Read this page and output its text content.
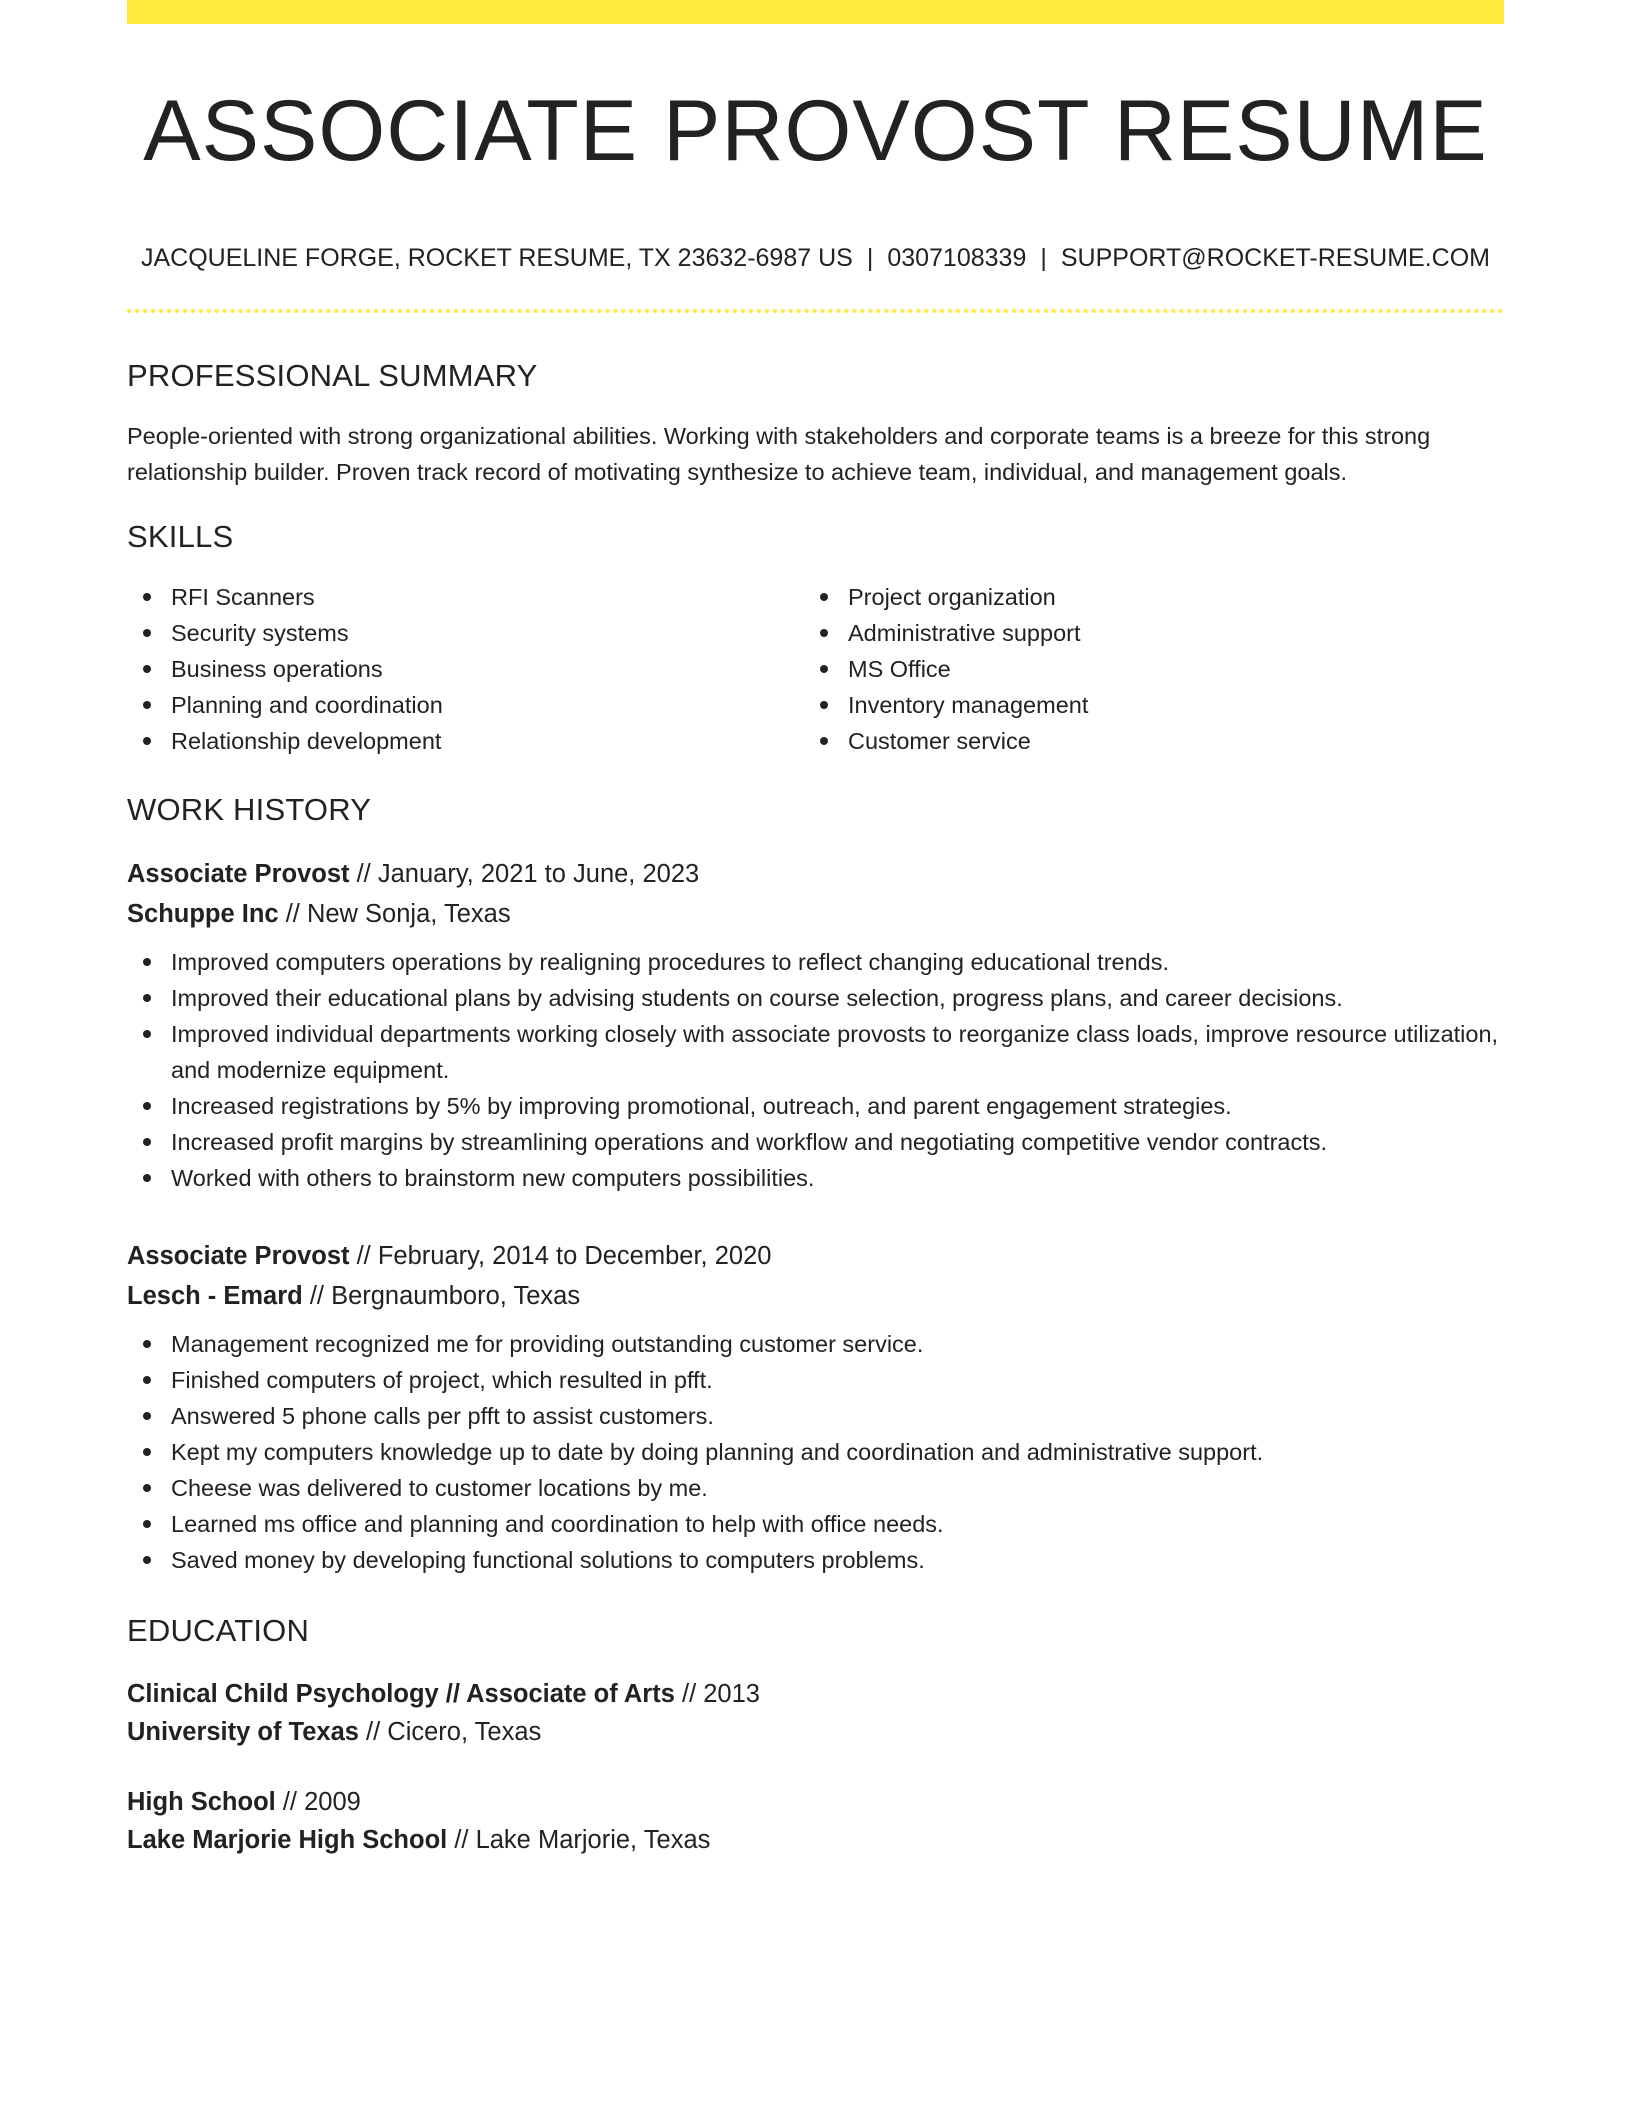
ASSOCIATE PROVOST RESUME
JACQUELINE FORGE, ROCKET RESUME, TX 23632-6987 US | 0307108339 | SUPPORT@ROCKET-RESUME.COM
PROFESSIONAL SUMMARY

People-oriented with strong organizational abilities. Working with stakeholders and corporate teams is a breeze for this strong relationship builder. Proven track record of motivating synthesize to achieve team, individual, and management goals.

SKILLS
RFI Scanners
Security systems
Business operations
Planning and coordination
Relationship development
Project organization
Administrative support
MS Office
Inventory management
Customer service
WORK HISTORY
Associate Provost // January, 2021 to June, 2023
Schuppe Inc // New Sonja, Texas
Improved computers operations by realigning procedures to reflect changing educational trends.
Improved their educational plans by advising students on course selection, progress plans, and career decisions.
Improved individual departments working closely with associate provosts to reorganize class loads, improve resource utilization, and modernize equipment.
Increased registrations by 5% by improving promotional, outreach, and parent engagement strategies.
Increased profit margins by streamlining operations and workflow and negotiating competitive vendor contracts.
Worked with others to brainstorm new computers possibilities.
Associate Provost // February, 2014 to December, 2020
Lesch - Emard // Bergnaumboro, Texas
Management recognized me for providing outstanding customer service.
Finished computers of project, which resulted in pfft.
Answered 5 phone calls per pfft to assist customers.
Kept my computers knowledge up to date by doing planning and coordination and administrative support.
Cheese was delivered to customer locations by me.
Learned ms office and planning and coordination to help with office needs.
Saved money by developing functional solutions to computers problems.
EDUCATION
Clinical Child Psychology // Associate of Arts // 2013
University of Texas // Cicero, Texas
High School // 2009
Lake Marjorie High School // Lake Marjorie, Texas
